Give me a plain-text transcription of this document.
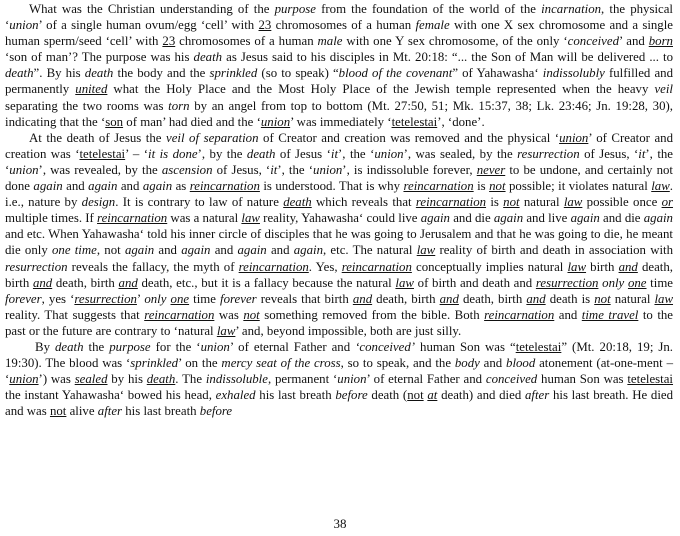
What was the Christian understanding of the purpose from the foundation of the world of the incarnation, the physical ‘union’ of a single human ovum/egg ‘cell’ with 23 chromosomes of a human female with one X sex chromosome and a single human sperm/seed ‘cell’ with 23 chromosomes of a human male with one Y sex chromosome, of the only ‘conceived’ and born ‘son of man’? The purpose was his death as Jesus said to his disciples in Mt. 20:18: “... the Son of Man will be delivered ... to death”. By his death the body and the sprinkled (so to speak) “blood of the covenant” of Yahawasha‘ indissolubly fulfilled and permanently united what the Holy Place and the Most Holy Place of the Jewish temple represented when the heavy veil separating the two rooms was torn by an angel from top to bottom (Mt. 27:50, 51; Mk. 15:37, 38; Lk. 23:46; Jn. 19:28, 30), indicating that the ‘son of man’ had died and the ‘union’ was immediately ‘tetelestai’, ‘done’.

At the death of Jesus the veil of separation of Creator and creation was removed and the physical ‘union’ of Creator and creation was ‘tetelestai’ – ‘it is done’, by the death of Jesus ‘it’, the ‘union’, was sealed, by the resurrection of Jesus, ‘it’, the ‘union’, was revealed, by the ascension of Jesus, ‘it’, the ‘union’, is indissoluble forever, never to be undone, and certainly not done again and again and again as reincarnation is understood. That is why reincarnation is not possible; it violates natural law. i.e., nature by design. It is contrary to law of nature death which reveals that reincarnation is not natural law possible once or multiple times. If reincarnation was a natural law reality, Yahawasha‘ could live again and die again and live again and die again and etc. When Yahawasha‘ told his inner circle of disciples that he was going to Jerusalem and that he was going to die, he meant die only one time, not again and again and again and again, etc. The natural law reality of birth and death in association with resurrection reveals the fallacy, the myth of reincarnation. Yes, reincarnation conceptually implies natural law birth and death, birth and death, birth and death, etc., but it is a fallacy because the natural law of birth and death and resurrection only one time forever, yes ‘resurrection’ only one time forever reveals that birth and death, birth and death, birth and death is not natural law reality. That suggests that reincarnation was not something removed from the bible. Both reincarnation and time travel to the past or the future are contrary to ‘natural law’ and, beyond impossible, both are just silly.

By death the purpose for the ‘union’ of eternal Father and ‘conceived’ human Son was “tetelestai” (Mt. 20:18, 19; Jn. 19:30). The blood was ‘sprinkled’ on the mercy seat of the cross, so to speak, and the body and blood atonement (at-one-ment – ‘union’) was sealed by his death. The indissoluble, permanent ‘union’ of eternal Father and conceived human Son was tetelestai the instant Yahawasha‘ bowed his head, exhaled his last breath before death (not at death) and died after his last breath. He died and was not alive after his last breath before

38
